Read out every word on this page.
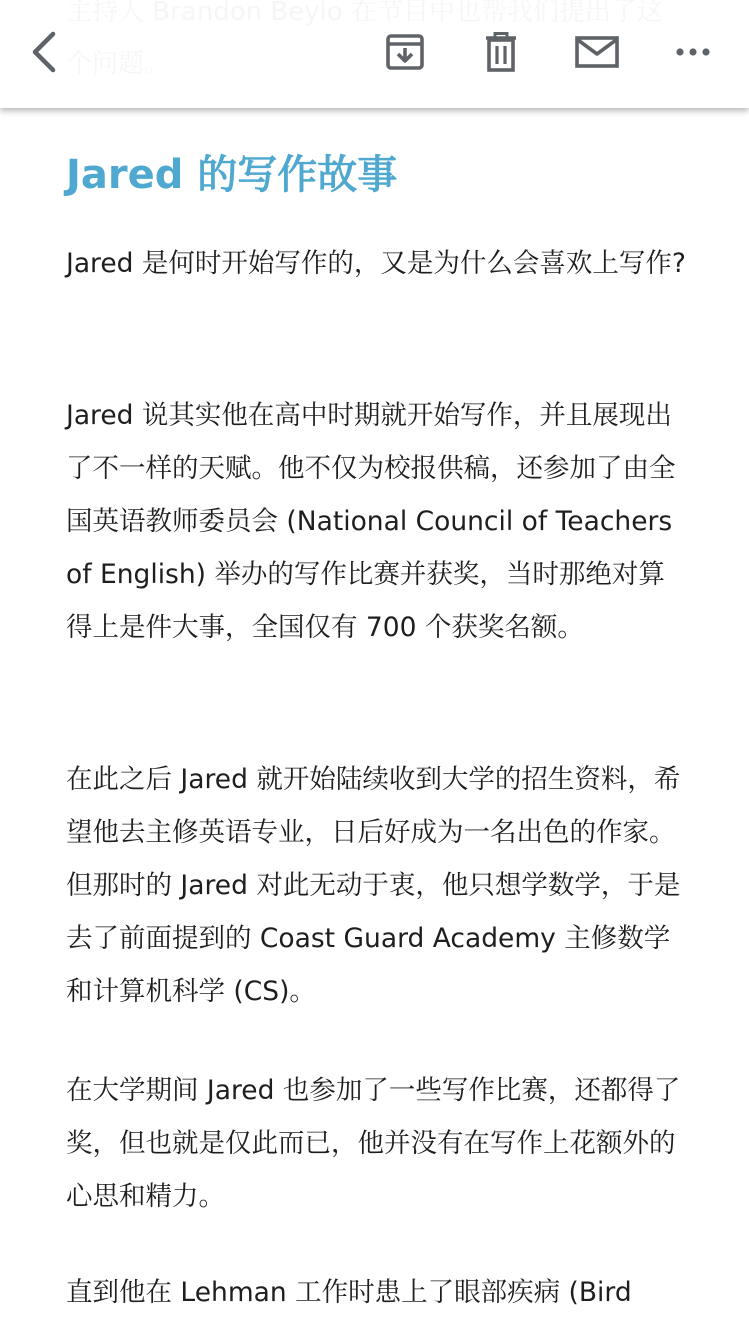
Jared 的写作故事

Jared 是何时开始写作的，又是为什么会喜欢上写作?

Jared 说其实他在高中时期就开始写作，并且展现出了不一样的天赋。他不仅为校报供稿，还参加了由全国英语教师委员会 (National Council of Teachers of English) 举办的写作比赛并获奖，当时那绝对算得上是件大事，全国仅有 700 个获奖名额。

在此之后 Jared 就开始陆续收到大学的招生资料，希望他去主修英语专业，日后好成为一名出色的作家。但那时的 Jared 对此无动于衷，他只想学数学，于是去了前面提到的 Coast Guard Academy 主修数学和计算机科学 (CS)。

在大学期间 Jared 也参加了一些写作比赛，还都得了奖，但也就是仅此而已，他并没有在写作上花额外的心思和精力。

直到他在 Lehman 工作时患上了眼部疾病 (Bird
